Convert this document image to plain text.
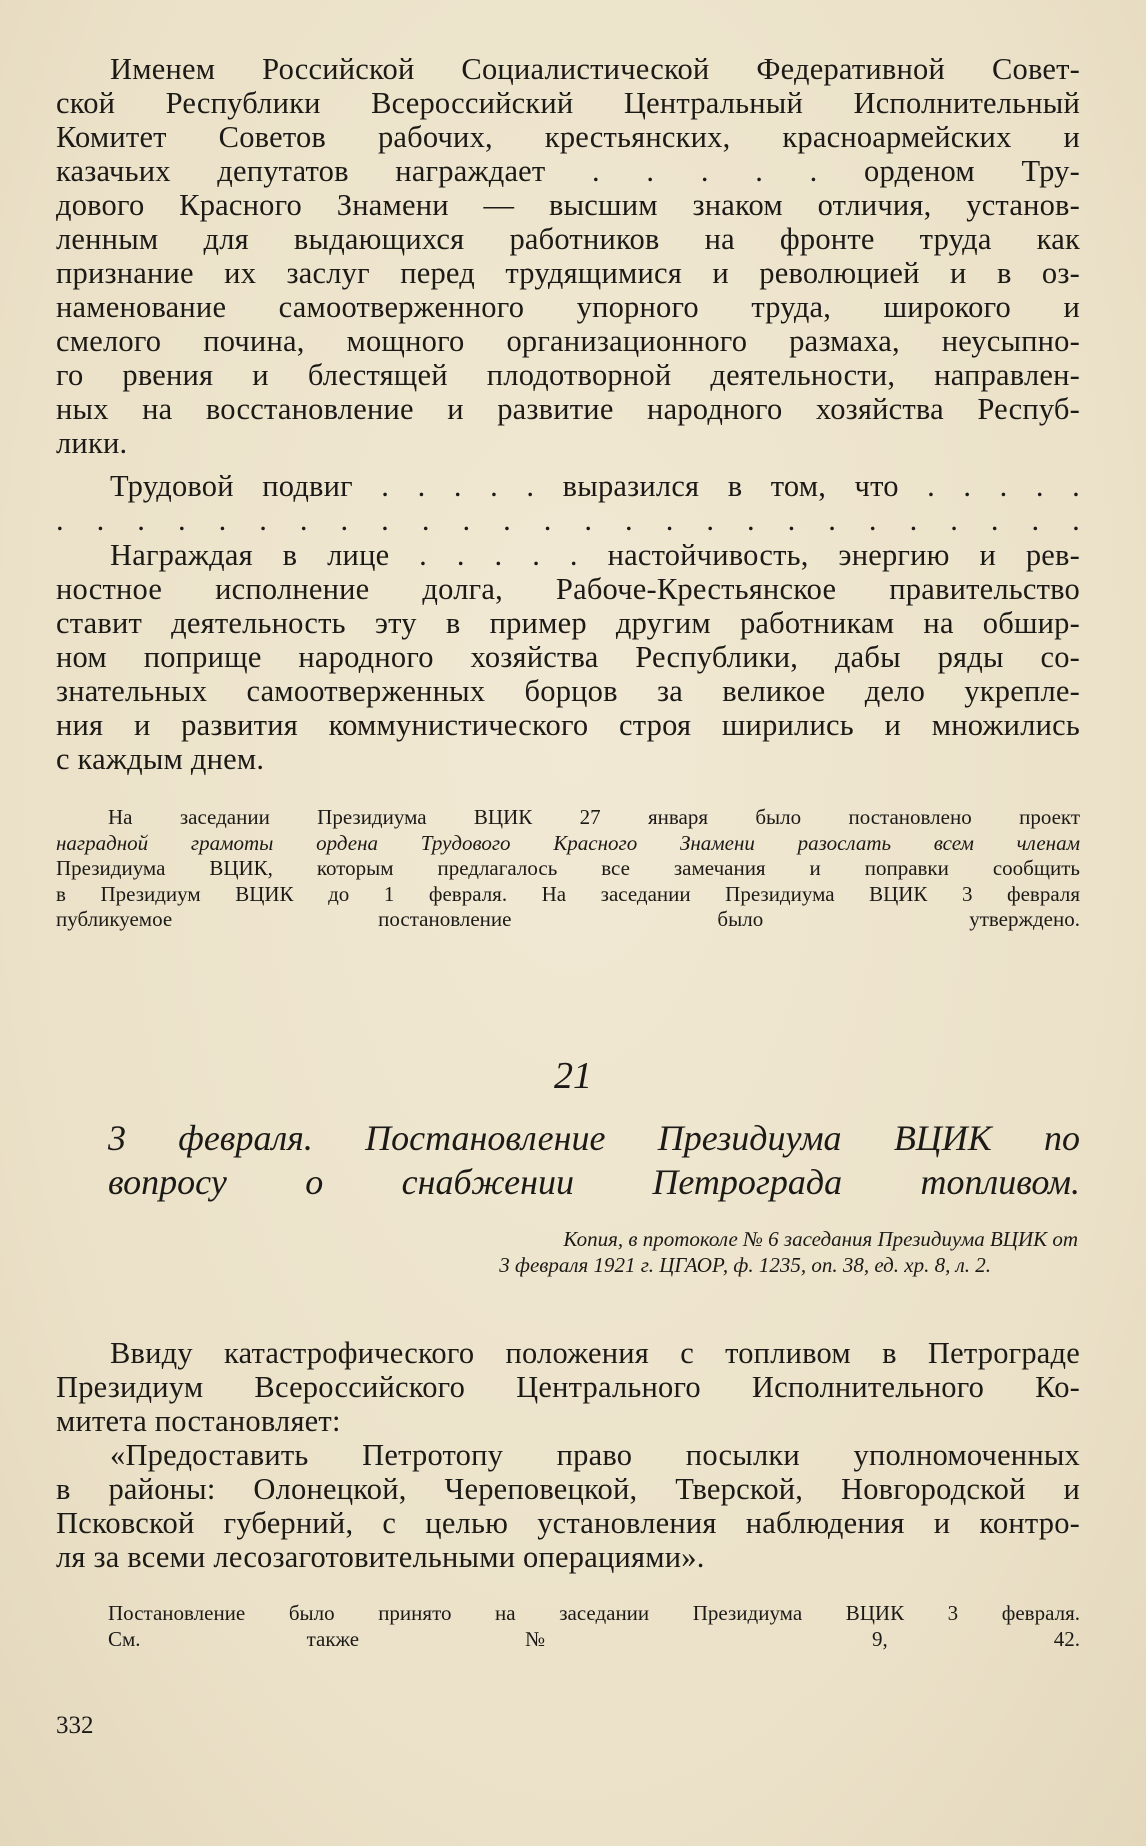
Именем Российской Социалистической Федеративной Совет-

ской Республики Всероссийский Центральный Исполнительный

Комитет Советов рабочих, крестьянских, красноармейских и

казачьих депутатов награждает . . . . . орденом Тру-

дового Красного Знамени — высшим знаком отличия, установ-

ленным для выдающихся работников на фронте труда как

признание их заслуг перед трудящимися и революцией и в оз-

наменование самоотверженного упорного труда, широкого и

смелого почина, мощного организационного размаха, неусыпно-

го рвения и блестящей плодотворной деятельности, направлен-

ных на восстановление и развитие народного хозяйства Респуб-

лики.

Трудовой подвиг . . . . . выразился в том, что . . . . .

. . . . . . . . . . . . . . . . . . . . . . . . . .

Награждая в лице . . . . . настойчивость, энергию и рев-

ностное исполнение долга, Рабоче-Крестьянское правительство

ставит деятельность эту в пример другим работникам на обшир-

ном поприще народного хозяйства Республики, дабы ряды со-

знательных самоотверженных борцов за великое дело укрепле-

ния и развития коммунистического строя ширились и множились

с каждым днем.

На заседании Президиума ВЦИК 27 января было постановлено проект

наградной грамоты ордена Трудового Красного Знамени разослать всем членам

Президиума ВЦИК, которым предлагалось все замечания и поправки сообщить

в Президиум ВЦИК до 1 февраля. На заседании Президиума ВЦИК 3 февраля

публикуемое постановление было утверждено.

21

3 февраля. Постановление Президиума ВЦИК по

вопросу о снабжении Петрограда топливом.

Копия, в протоколе № 6 заседания Президиума ВЦИК от

3 февраля 1921 г. ЦГАОР, ф. 1235, оп. 38, ед. хр. 8, л. 2.

Ввиду катастрофического положения с топливом в Петрограде

Президиум Всероссийского Центрального Исполнительного Ко-

митета постановляет:

«Предоставить Петротопу право посылки уполномоченных

в районы: Олонецкой, Череповецкой, Тверской, Новгородской и

Псковской губерний, с целью установления наблюдения и контро-

ля за всеми лесозаготовительными операциями».

Постановление было принято на заседании Президиума ВЦИК 3 февраля.

См. также № 9, 42.

332
